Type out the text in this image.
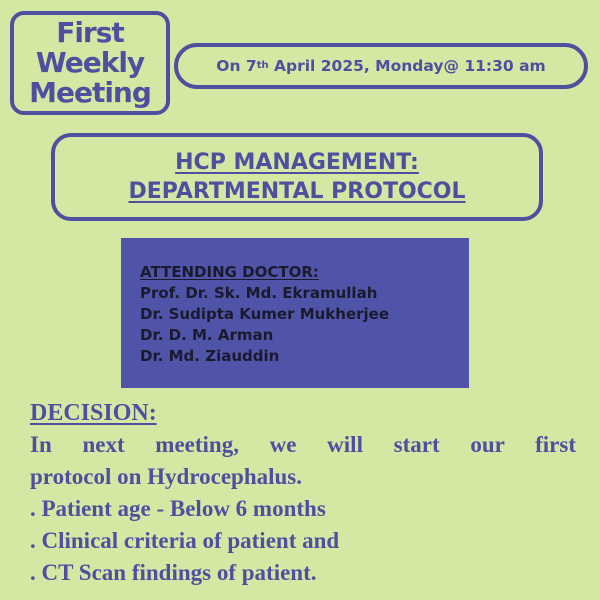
First
Weekly
Meeting
On 7 th April 2025, Monday@ 11:30 am
HCP MANAGEMENT:
DEPARTMENTAL PROTOCOL
ATTENDING DOCTOR:
Prof. Dr. Sk. Md. Ekramullah
Dr. Sudipta Kumer Mukherjee
Dr. D. M. Arman
Dr. Md. Ziauddin
DECISION:
In next meeting, we will start our first
protocol on Hydrocephalus.
. Patient age - Below 6 months
. Clinical criteria of patient and
. CT Scan findings of patient.
